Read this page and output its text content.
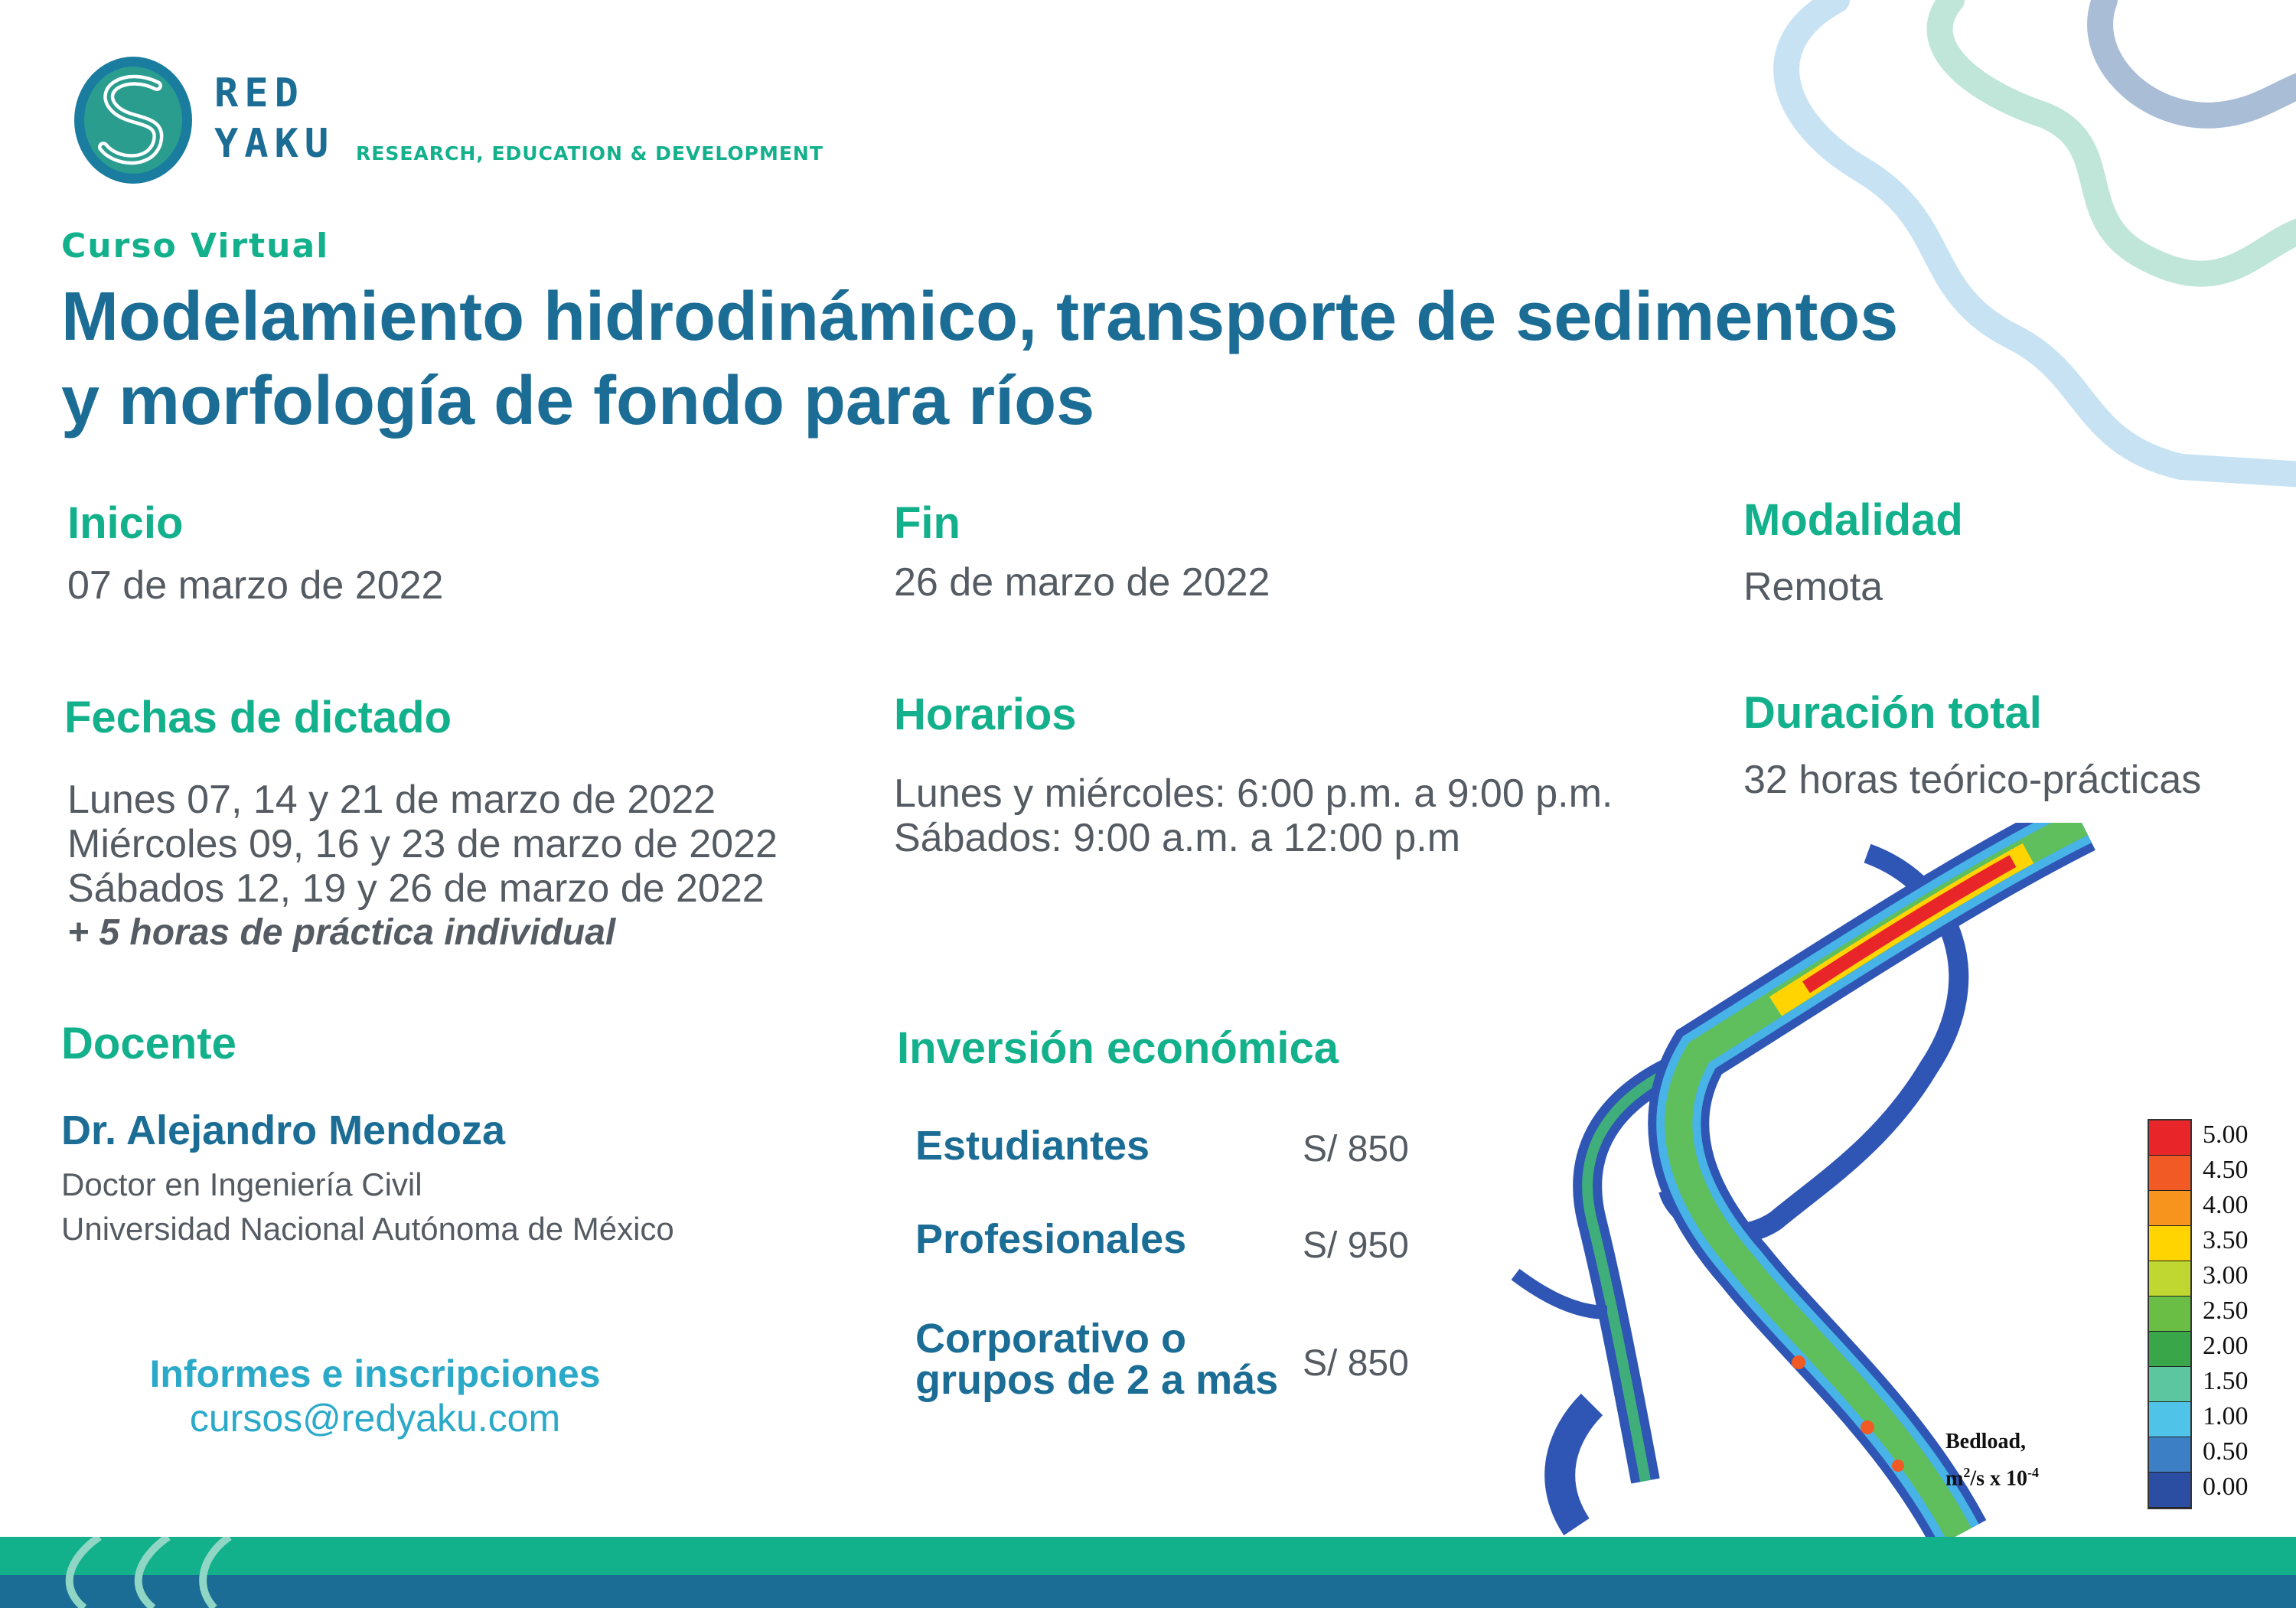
RED
YAKU RESEARCH, EDUCATION & DEVELOPMENT
Curso Virtual
Modelamiento hidrodinámico, transporte de sedimentos
y morfología de fondo para ríos
Inicio
07 de marzo de 2022
Fin
26 de marzo de 2022
Modalidad
Remota
Fechas de dictado
Lunes 07, 14 y 21 de marzo de 2022
Miércoles 09, 16 y 23 de marzo de 2022
Sábados 12, 19 y 26 de marzo de 2022
+ 5 horas de práctica individual
Horarios
Lunes y miércoles: 6:00 p.m. a 9:00 p.m.
Sábados: 9:00 a.m. a 12:00 p.m
Duración total
32 horas teórico-prácticas
Docente
Dr. Alejandro Mendoza
Doctor en Ingeniería Civil
Universidad Nacional Autónoma de México
Informes e inscripciones
cursos@redyaku.com
Inversión económica
Estudiantes	S/ 850
Profesionales	S/ 950
Corporativo o
grupos de 2 a más S/ 850
5.00
4.50
4.00
3.50
3.00
2.50
2.00
1.50
1.00
0.50
0.00
Bedload,
$m^2/s$ x $10^{-4}$
